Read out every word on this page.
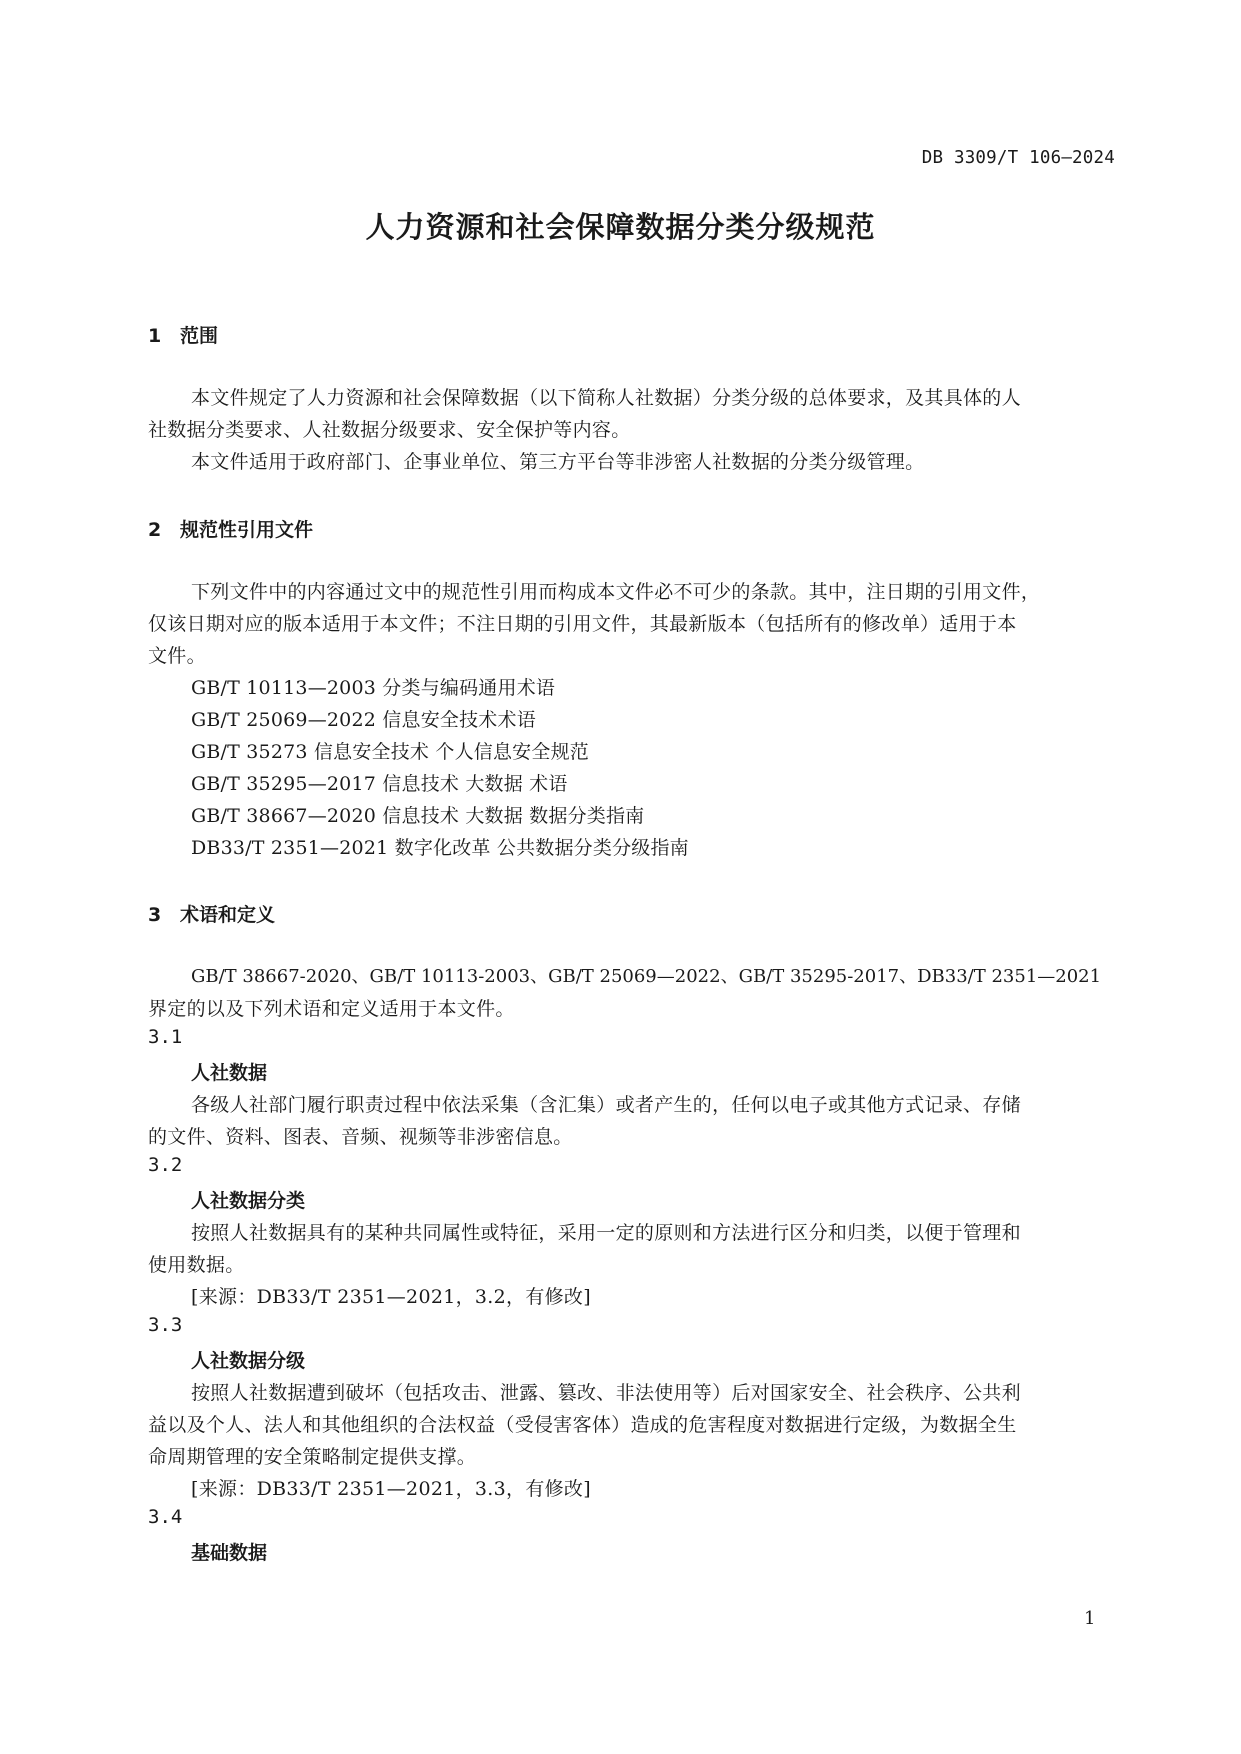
DB 3309/T 106—2024
人力资源和社会保障数据分类分级规范
1 范围
本文件规定了人力资源和社会保障数据（以下简称人社数据）分类分级的总体要求，及其具体的人
社数据分类要求、人社数据分级要求、安全保护等内容。
本文件适用于政府部门、企事业单位、第三方平台等非涉密人社数据的分类分级管理。
2 规范性引用文件
下列文件中的内容通过文中的规范性引用而构成本文件必不可少的条款。其中，注日期的引用文件，
仅该日期对应的版本适用于本文件；不注日期的引用文件，其最新版本（包括所有的修改单）适用于本
文件。
GB/T 10113—2003 分类与编码通用术语
GB/T 25069—2022 信息安全技术术语
GB/T 35273 信息安全技术 个人信息安全规范
GB/T 35295—2017 信息技术 大数据 术语
GB/T 38667—2020 信息技术 大数据 数据分类指南
DB33/T 2351—2021 数字化改革 公共数据分类分级指南
3 术语和定义
GB/T 38667-2020、GB/T 10113-2003、GB/T 25069—2022、GB/T 35295-2017、DB33/T 2351—2021
界定的以及下列术语和定义适用于本文件。
3.1
人社数据
各级人社部门履行职责过程中依法采集（含汇集）或者产生的，任何以电子或其他方式记录、存储
的文件、资料、图表、音频、视频等非涉密信息。
3.2
人社数据分类
按照人社数据具有的某种共同属性或特征，采用一定的原则和方法进行区分和归类，以便于管理和
使用数据。
[来源：DB33/T 2351—2021，3.2，有修改]
3.3
人社数据分级
按照人社数据遭到破坏（包括攻击、泄露、篡改、非法使用等）后对国家安全、社会秩序、公共利
益以及个人、法人和其他组织的合法权益（受侵害客体）造成的危害程度对数据进行定级，为数据全生
命周期管理的安全策略制定提供支撑。
[来源：DB33/T 2351—2021，3.3，有修改]
3.4
基础数据
1
